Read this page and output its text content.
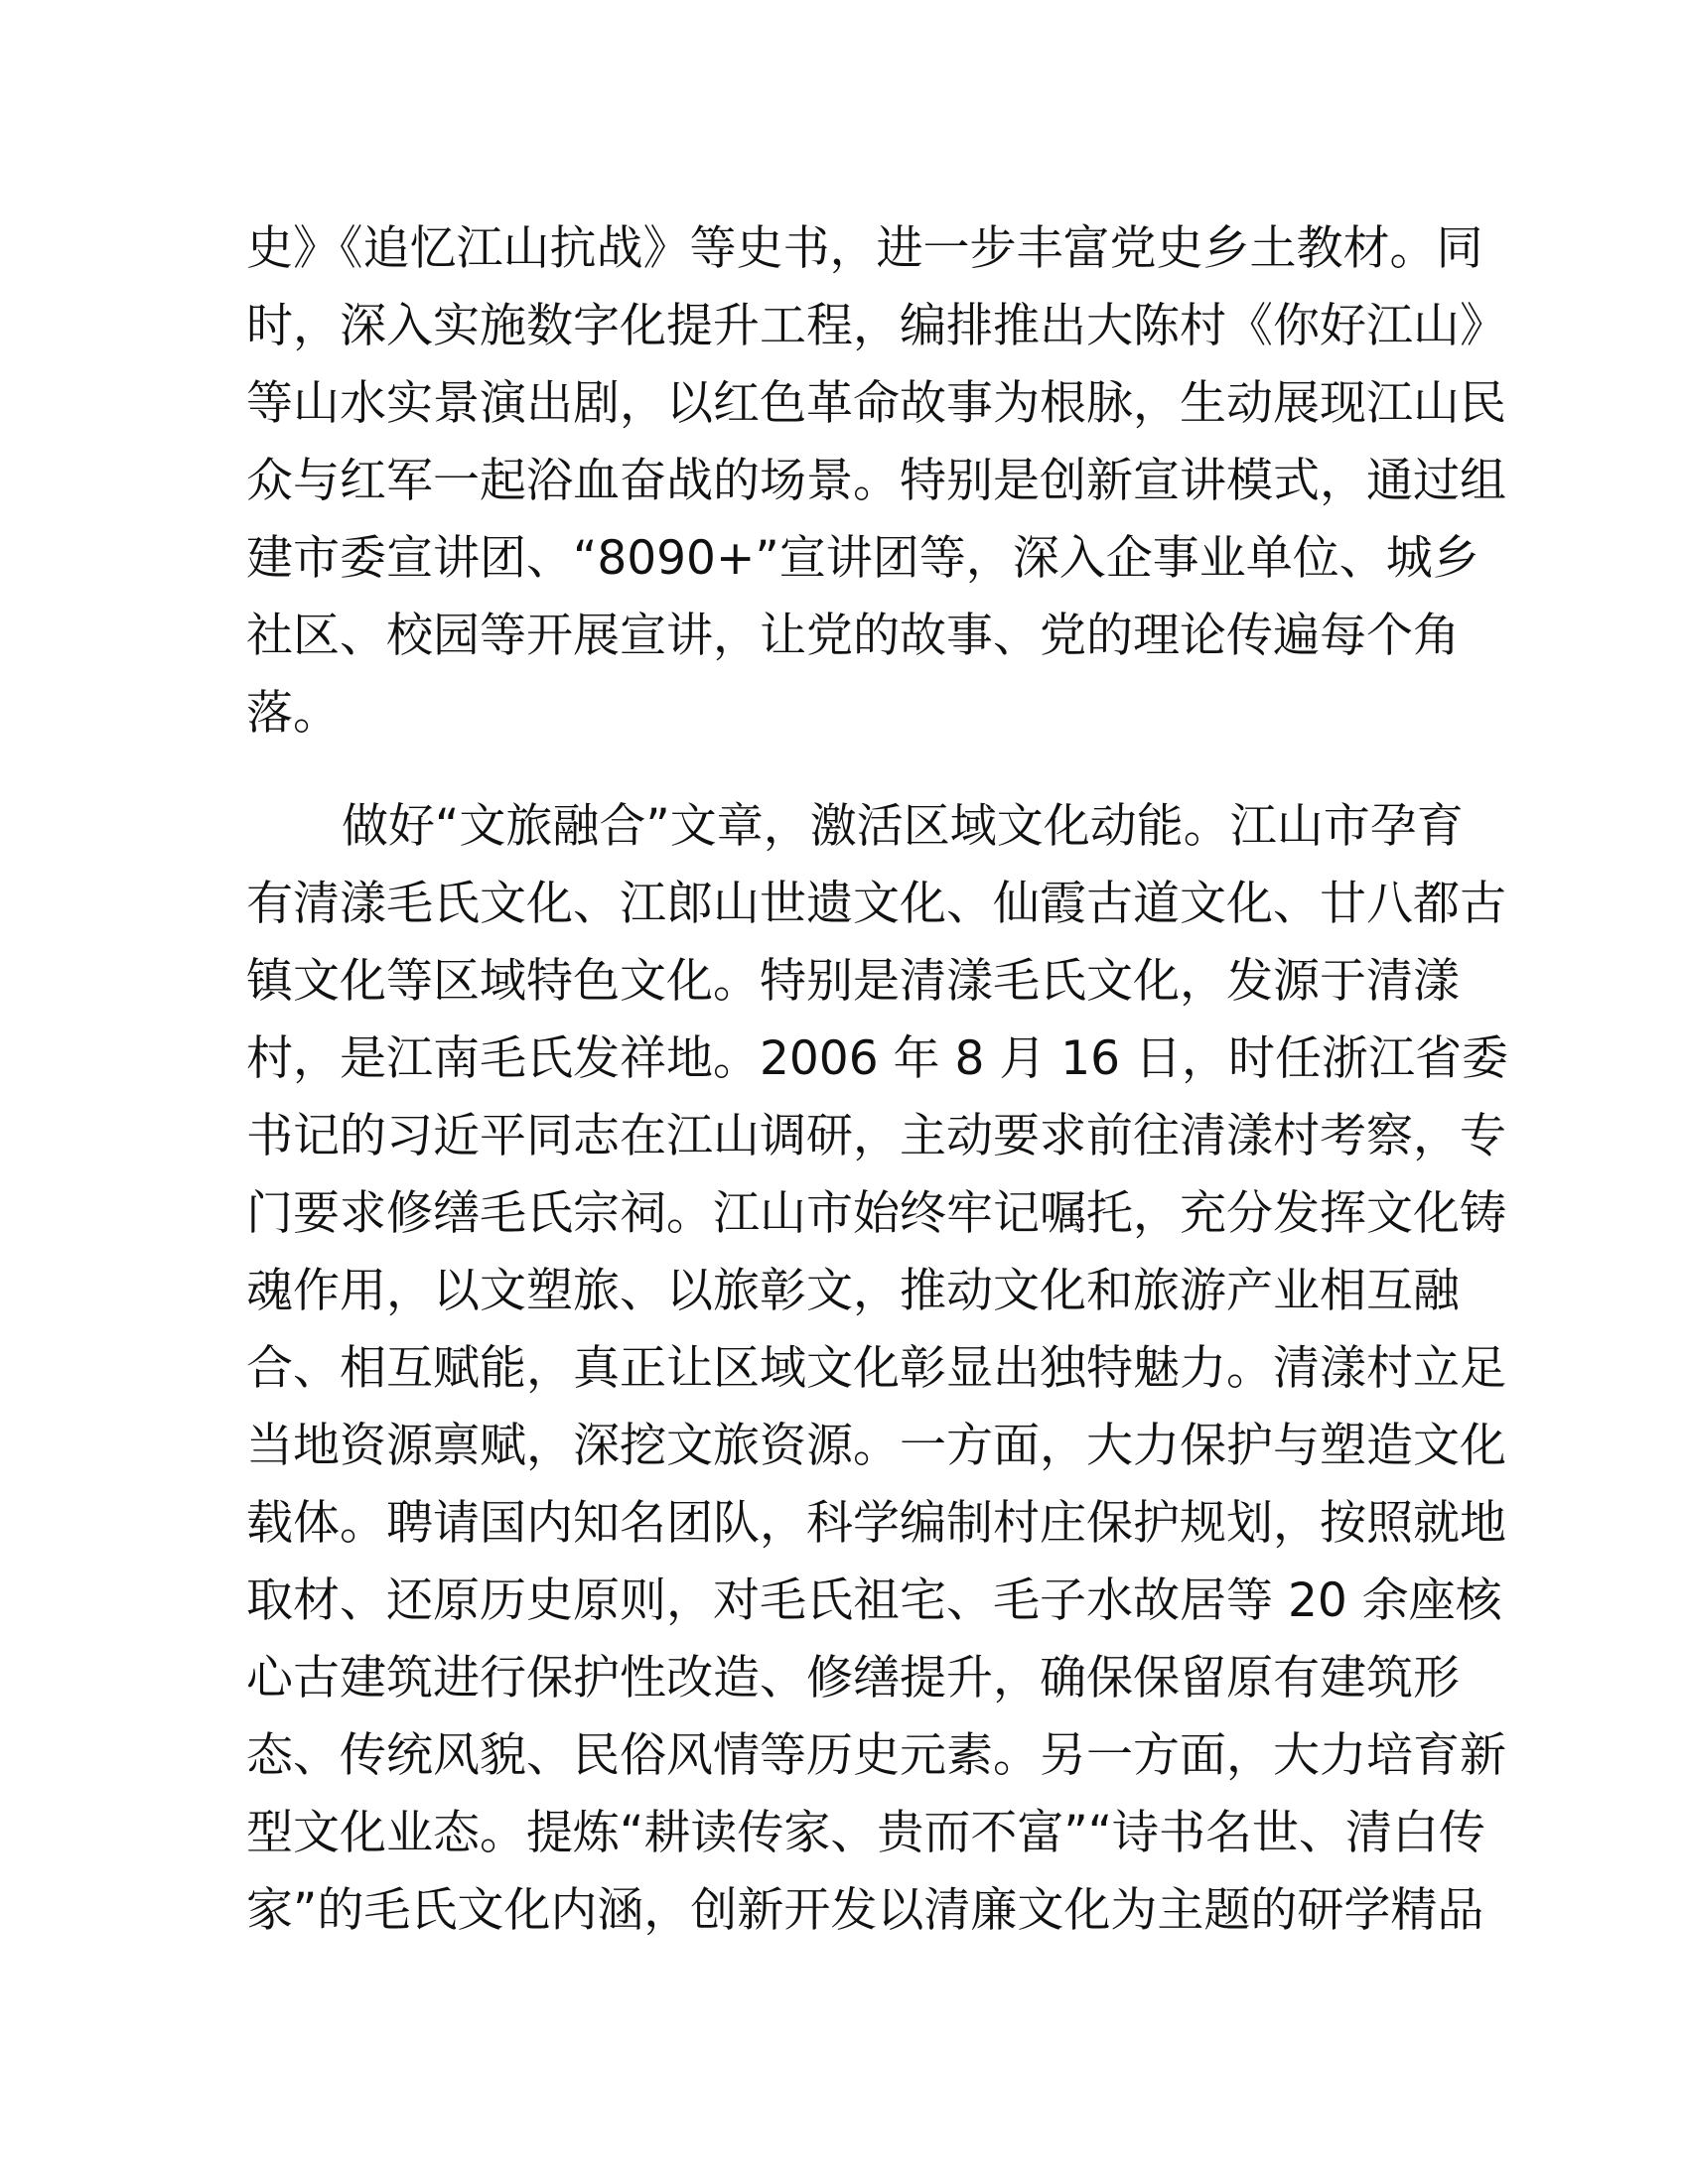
史》《追忆江山抗战》等史书，进一步丰富党史乡土教材。同
时，深入实施数字化提升工程，编排推出大陈村《你好江山》
等山水实景演出剧，以红色革命故事为根脉，生动展现江山民
众与红军一起浴血奋战的场景。特别是创新宣讲模式，通过组
建市委宣讲团、“8090+”宣讲团等，深入企事业单位、城乡
社区、校园等开展宣讲，让党的故事、党的理论传遍每个角
落。
做好“文旅融合”文章，激活区域文化动能。江山市孕育
有清漾毛氏文化、江郎山世遗文化、仙霞古道文化、廿八都古
镇文化等区域特色文化。特别是清漾毛氏文化，发源于清漾
村，是江南毛氏发祥地。2006 年 8 月 16 日，时任浙江省委
书记的习近平同志在江山调研，主动要求前往清漾村考察，专
门要求修缮毛氏宗祠。江山市始终牢记嘱托，充分发挥文化铸
魂作用，以文塑旅、以旅彰文，推动文化和旅游产业相互融
合、相互赋能，真正让区域文化彰显出独特魅力。清漾村立足
当地资源禀赋，深挖文旅资源。一方面，大力保护与塑造文化
载体。聘请国内知名团队，科学编制村庄保护规划，按照就地
取材、还原历史原则，对毛氏祖宅、毛子水故居等 20 余座核
心古建筑进行保护性改造、修缮提升，确保保留原有建筑形
态、传统风貌、民俗风情等历史元素。另一方面，大力培育新
型文化业态。提炼“耕读传家、贵而不富”“诗书名世、清白传
家”的毛氏文化内涵，创新开发以清廉文化为主题的研学精品
